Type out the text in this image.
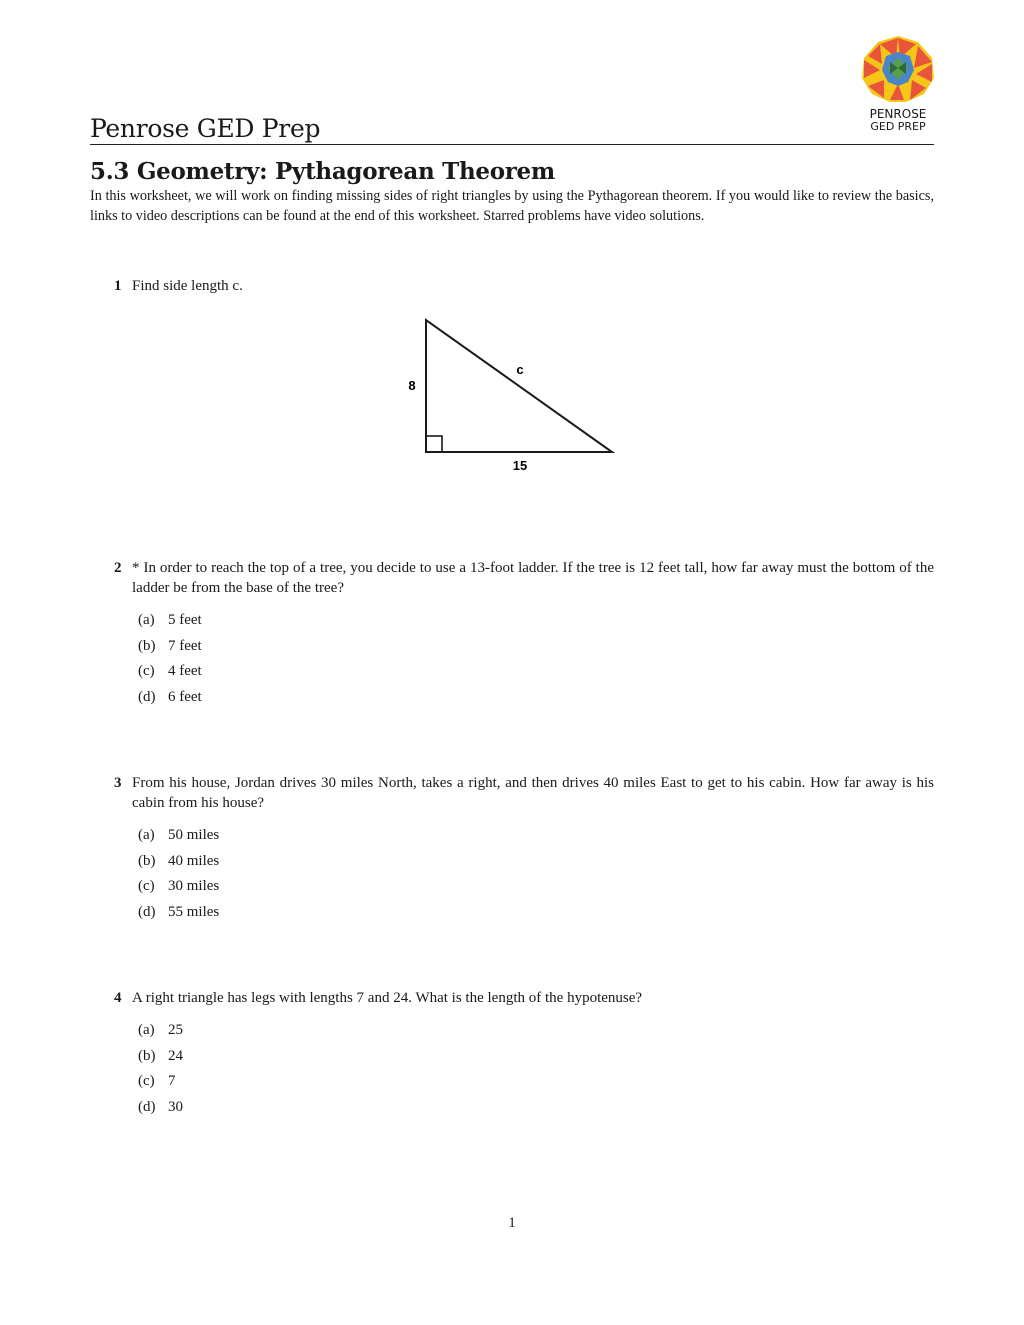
PENROSE
GED PREP
Penrose GED Prep
5.3 Geometry: Pythagorean Theorem
In this worksheet, we will work on finding missing sides of right triangles by using the Pythagorean theorem. If you would like to review the basics, links to video descriptions can be found at the end of this worksheet. Starred problems have video solutions.
1 Find side length c.
8
c
15
2 * In order to reach the top of a tree, you decide to use a 13-foot ladder. If the tree is 12 feet tall, how far away must the bottom of the ladder be from the base of the tree?
(a) 5 feet
(b) 7 feet
(c) 4 feet
(d) 6 feet
3 From his house, Jordan drives 30 miles North, takes a right, and then drives 40 miles East to get to his cabin. How far away is his cabin from his house?
(a) 50 miles
(b) 40 miles
(c) 30 miles
(d) 55 miles
4 A right triangle has legs with lengths 7 and 24. What is the length of the hypotenuse?
(a) 25
(b) 24
(c) 7
(d) 30
1
